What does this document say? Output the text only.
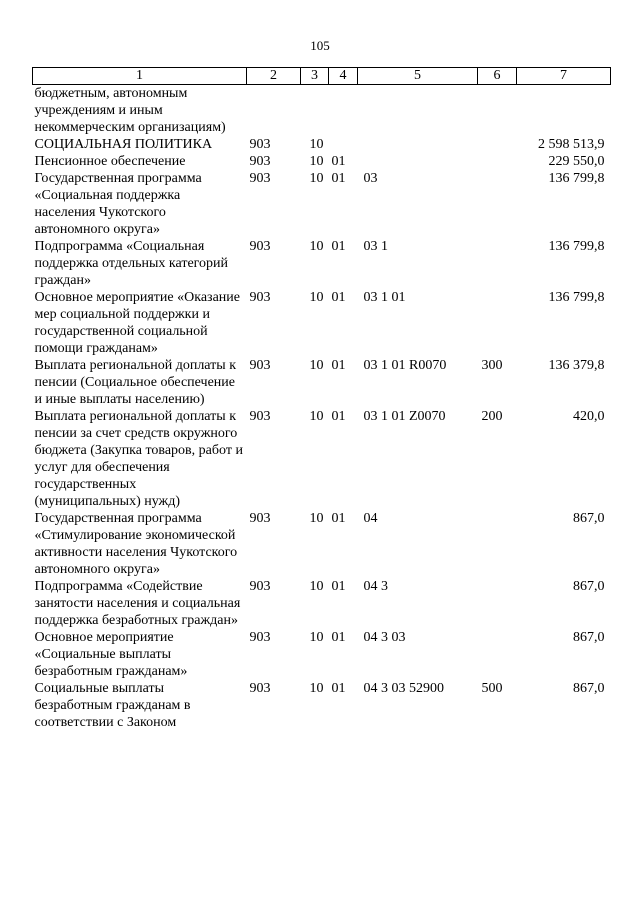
105
1	2	3	4	5	6	7
бюджетным, автономным учреждениям и иным некоммерческим организациям)						
СОЦИАЛЬНАЯ ПОЛИТИКА	903	10				2 598 513,9
Пенсионное обеспечение	903	10	01			229 550,0
Государственная программа «Социальная поддержка населения Чукотского автономного округа»	903	10	01	03		136 799,8
Подпрограмма «Социальная поддержка отдельных категорий граждан»	903	10	01	03 1		136 799,8
Основное мероприятие «Оказание мер социальной поддержки и государственной социальной помощи гражданам»	903	10	01	03 1 01		136 799,8
Выплата региональной доплаты к пенсии (Социальное обеспечение и иные выплаты населению)	903	10	01	03 1 01 R0070	300	136 379,8
Выплата региональной доплаты к пенсии за счет средств окружного бюджета (Закупка товаров, работ и услуг для обеспечения государственных (муниципальных) нужд)	903	10	01	03 1 01 Z0070	200	420,0
Государственная программа «Стимулирование экономической активности населения Чукотского автономного округа»	903	10	01	04		867,0
Подпрограмма «Содействие занятости населения и социальная поддержка безработных граждан»	903	10	01	04 3		867,0
Основное мероприятие «Социальные выплаты безработным гражданам»	903	10	01	04 3 03		867,0
Социальные выплаты безработным гражданам в соответствии с Законом	903	10	01	04 3 03 52900	500	867,0
